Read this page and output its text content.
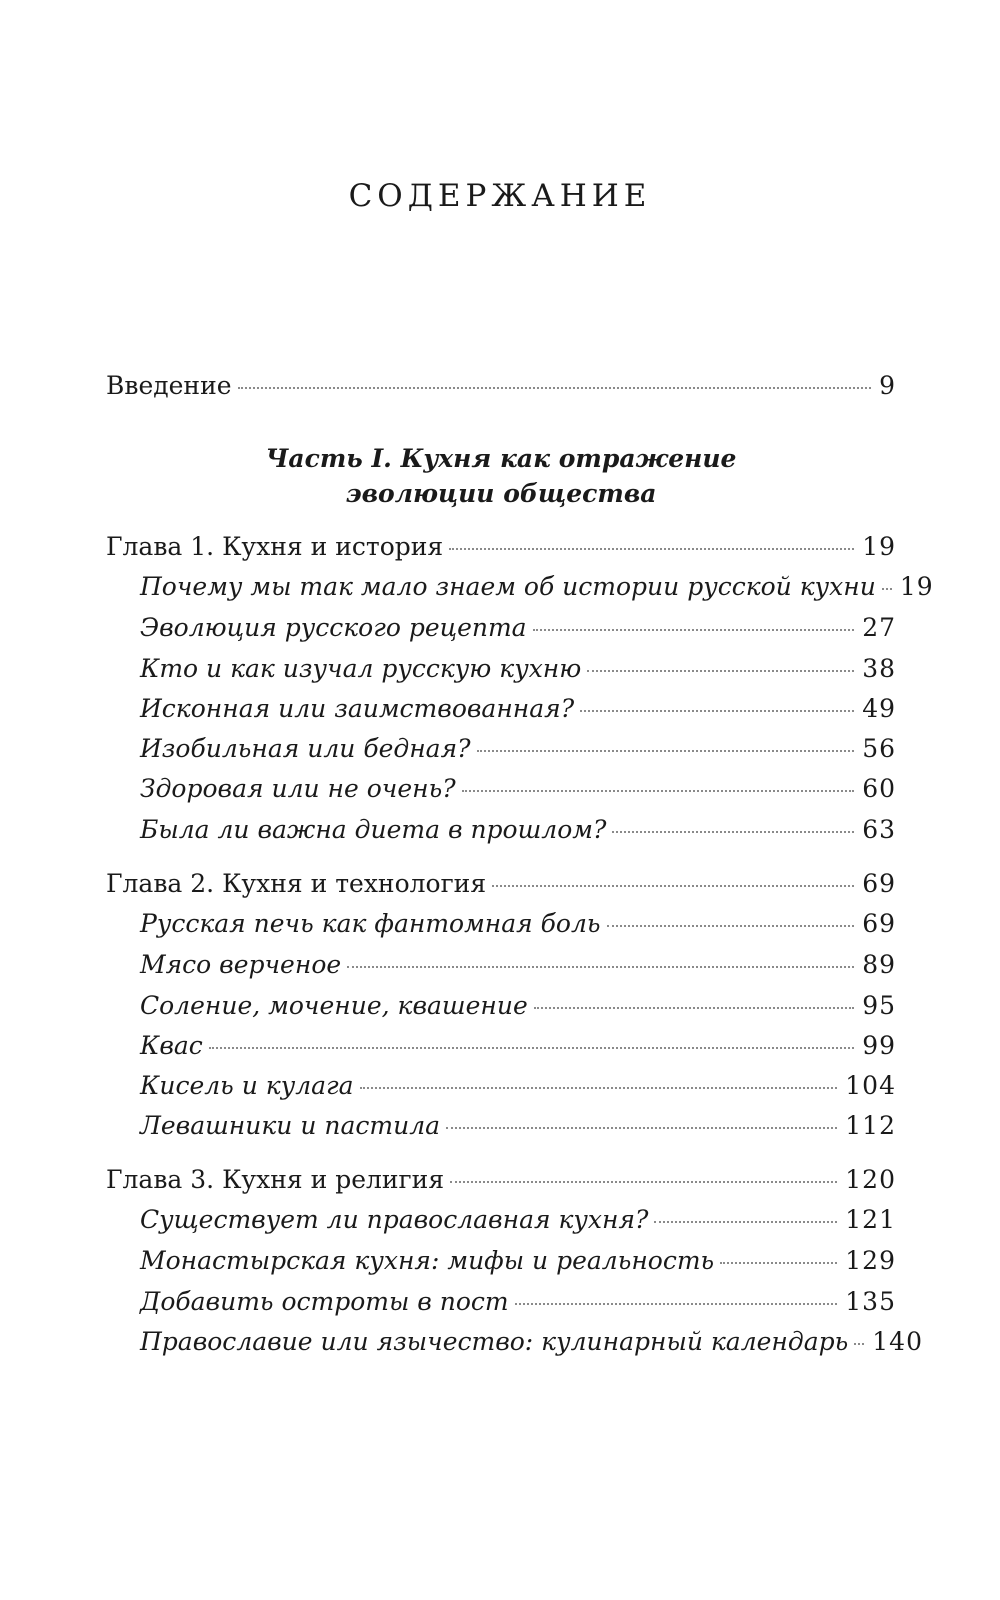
СОДЕРЖАНИЕ
Введение	9
Часть I. Кухня как отражение
эволюции общества
Глава 1. Кухня и история	19
Почему мы так мало знаем об истории русской кухни 19
Эволюция русского рецепта	27
Кто и как изучал русскую кухню	38
Исконная или заимствованная?	49
Изобильная или бедная?	56
Здоровая или не очень?	60
Была ли важна диета в прошлом?	63
Глава 2. Кухня и технология	69
Русская печь как фантомная боль	69
Мясо верченое	89
Соление, мочение, квашение	95
Квас	99
Кисель и кулага	104
Левашники и пастила	112
Глава 3. Кухня и религия	120
Существует ли православная кухня?	121
Монастырская кухня: мифы и реальность	129
Добавить остроты в пост	135
Православие или язычество: кулинарный календарь 140
